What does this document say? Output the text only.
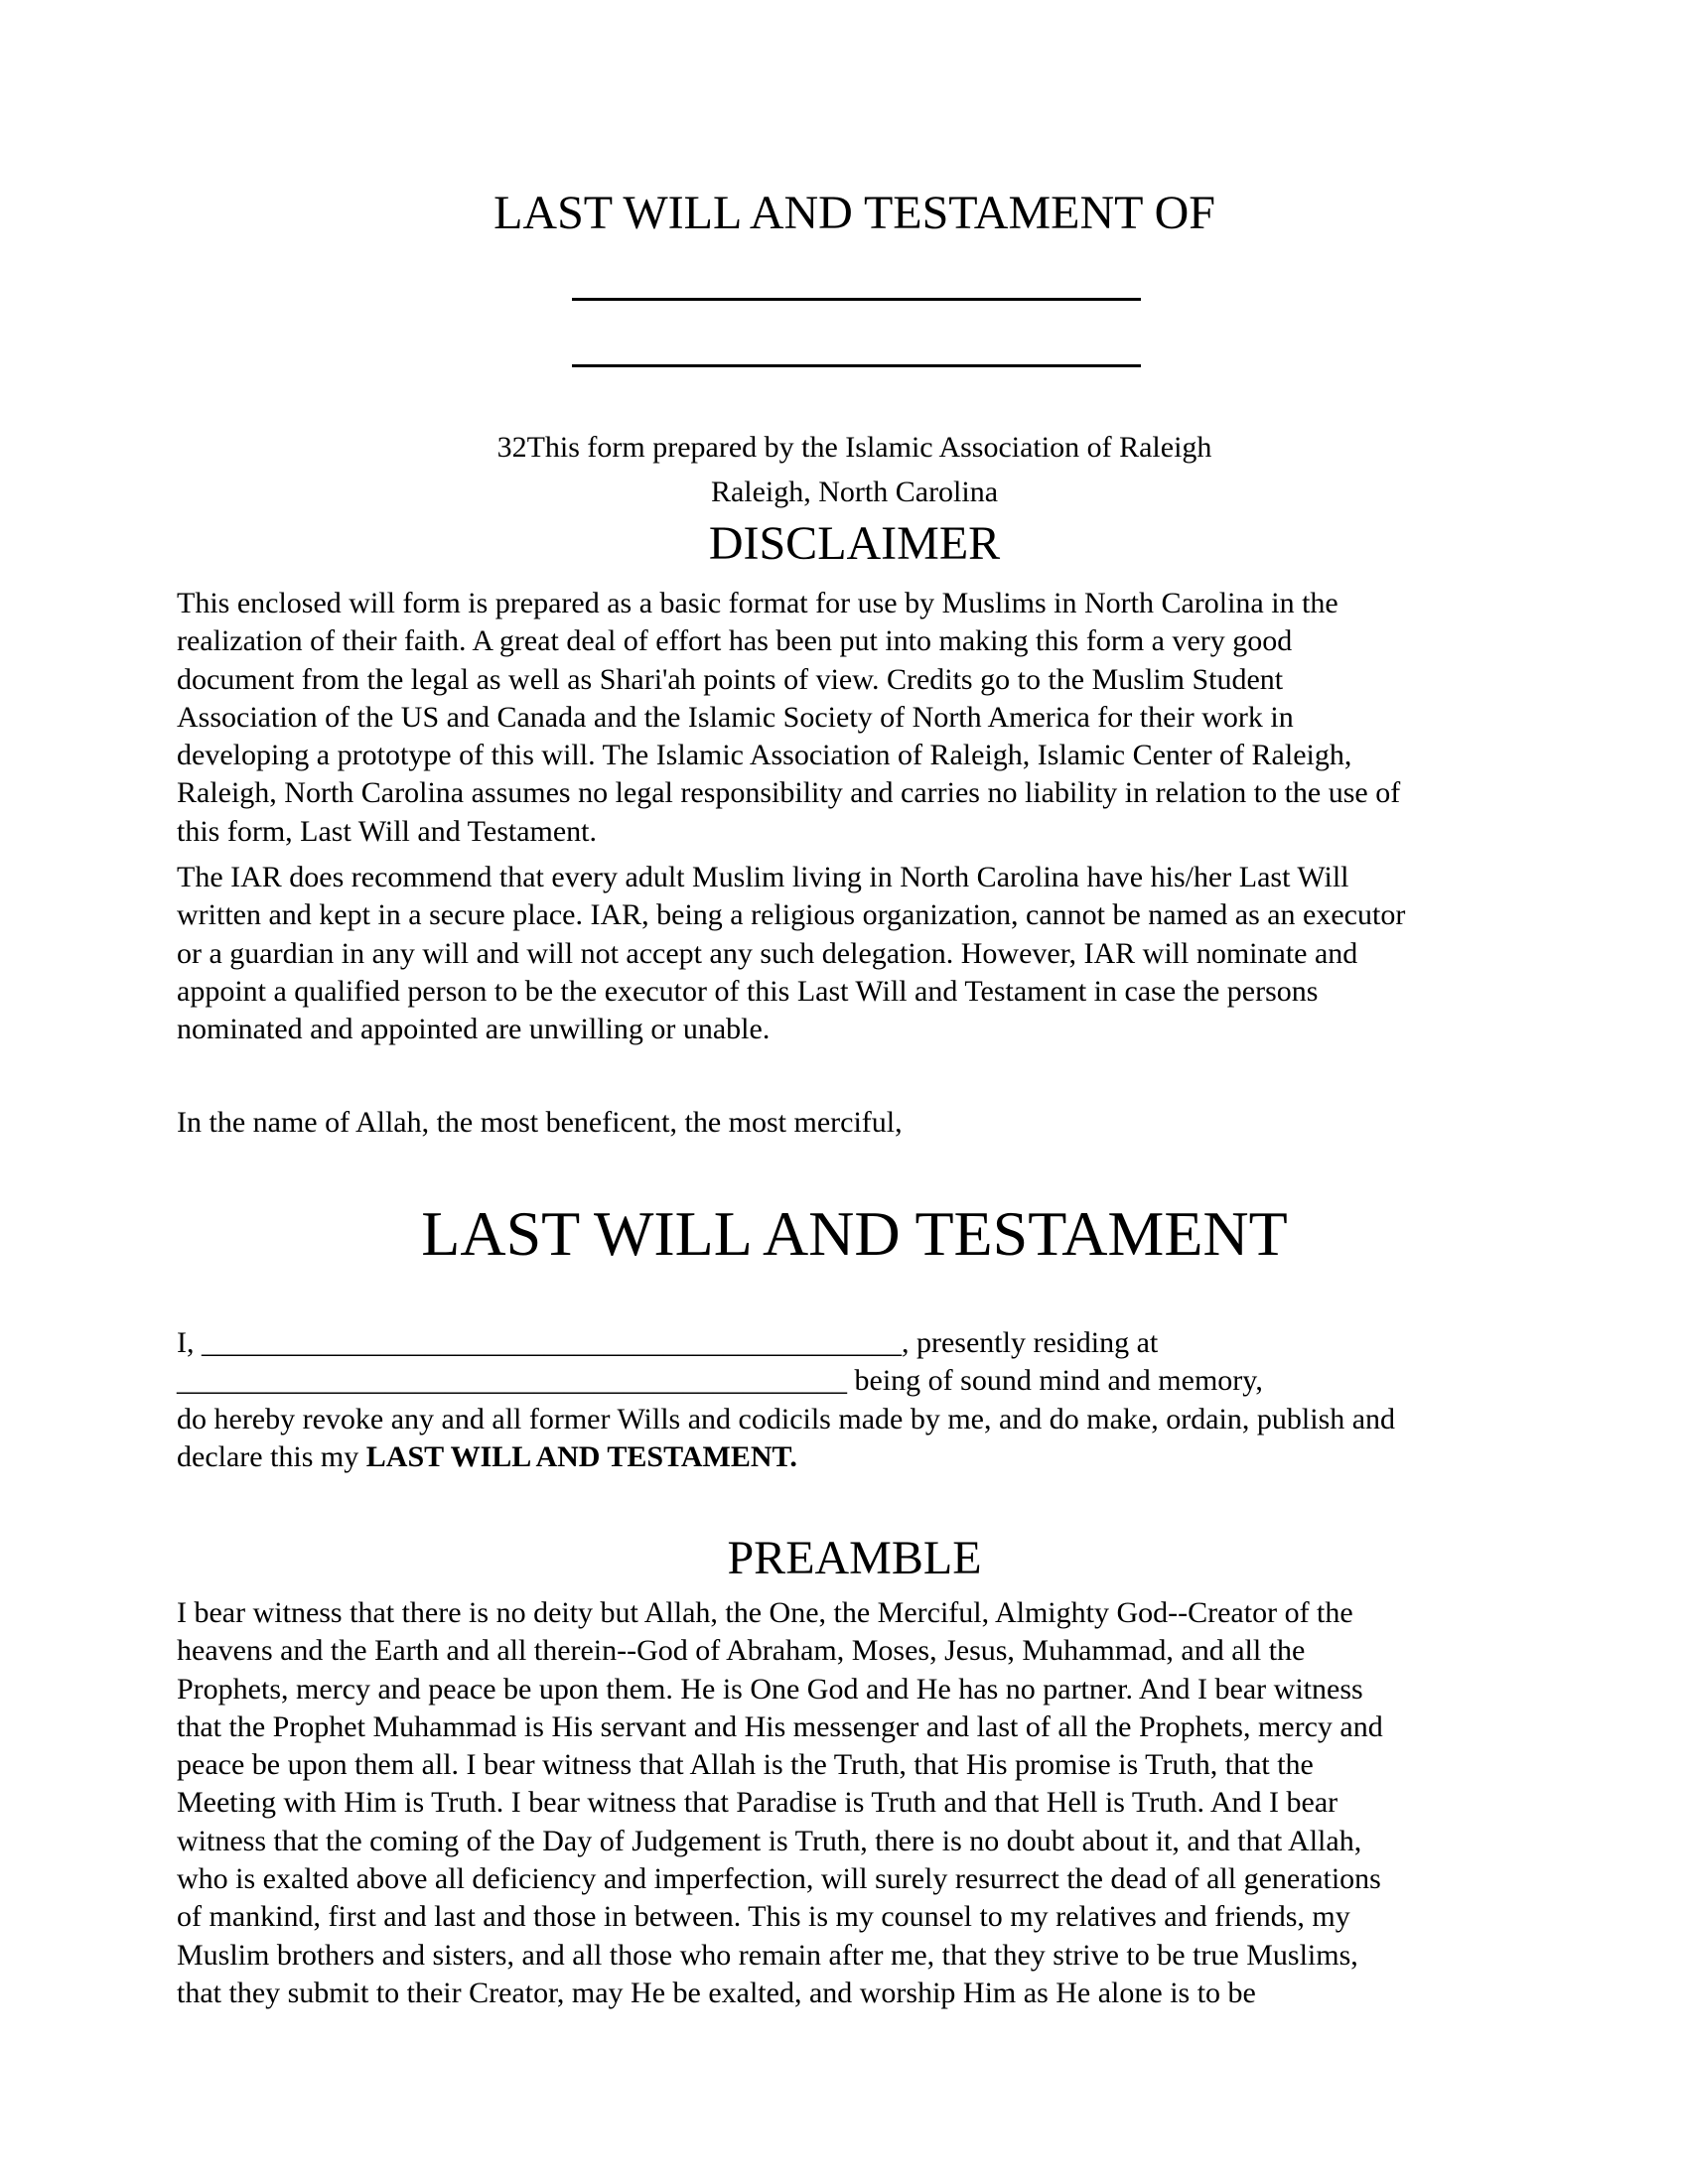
LAST WILL AND TESTAMENT OF
32This form prepared by the Islamic Association of Raleigh
Raleigh, North Carolina
DISCLAIMER

This enclosed will form is prepared as a basic format for use by Muslims in North Carolina in the
realization of their faith. A great deal of effort has been put into making this form a very good
document from the legal as well as Shari'ah points of view. Credits go to the Muslim Student
Association of the US and Canada and the Islamic Society of North America for their work in
developing a prototype of this will. The Islamic Association of Raleigh, Islamic Center of Raleigh,
Raleigh, North Carolina assumes no legal responsibility and carries no liability in relation to the use of
this form, Last Will and Testament.

The IAR does recommend that every adult Muslim living in North Carolina have his/her Last Will
written and kept in a secure place. IAR, being a religious organization, cannot be named as an executor
or a guardian in any will and will not accept any such delegation. However, IAR will nominate and
appoint a qualified person to be the executor of this Last Will and Testament in case the persons
nominated and appointed are unwilling or unable.

In the name of Allah, the most beneficent, the most merciful,

LAST WILL AND TESTAMENT

I, _______________________________________________, presently residing at
_____________________________________________ being of sound mind and memory,
do hereby revoke any and all former Wills and codicils made by me, and do make, ordain, publish and
declare this my LAST WILL AND TESTAMENT.

PREAMBLE

I bear witness that there is no deity but Allah, the One, the Merciful, Almighty God--Creator of the
heavens and the Earth and all therein--God of Abraham, Moses, Jesus, Muhammad, and all the
Prophets, mercy and peace be upon them. He is One God and He has no partner. And I bear witness
that the Prophet Muhammad is His servant and His messenger and last of all the Prophets, mercy and
peace be upon them all. I bear witness that Allah is the Truth, that His promise is Truth, that the
Meeting with Him is Truth. I bear witness that Paradise is Truth and that Hell is Truth. And I bear
witness that the coming of the Day of Judgement is Truth, there is no doubt about it, and that Allah,
who is exalted above all deficiency and imperfection, will surely resurrect the dead of all generations
of mankind, first and last and those in between. This is my counsel to my relatives and friends, my
Muslim brothers and sisters, and all those who remain after me, that they strive to be true Muslims,
that they submit to their Creator, may He be exalted, and worship Him as He alone is to be
